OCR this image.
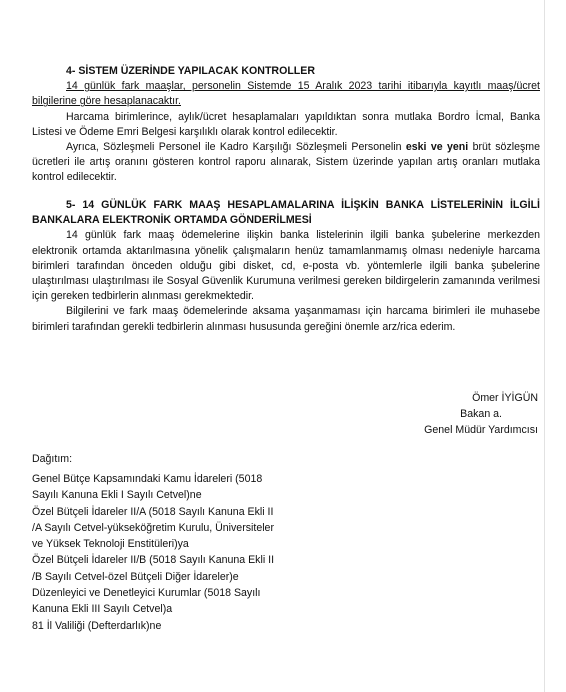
4- SİSTEM ÜZERİNDE YAPILACAK KONTROLLER

14 günlük fark maaşlar, personelin Sistemde 15 Aralık 2023 tarihi itibarıyla kayıtlı maaş/ücret bilgilerine göre hesaplanacaktır.

Harcama birimlerince, aylık/ücret hesaplamaları yapıldıktan sonra mutlaka Bordro İcmal, Banka Listesi ve Ödeme Emri Belgesi karşılıklı olarak kontrol edilecektir.

Ayrıca, Sözleşmeli Personel ile Kadro Karşılığı Sözleşmeli Personelin eski ve yeni brüt sözleşme ücretleri ile artış oranını gösteren kontrol raporu alınarak, Sistem üzerinde yapılan artış oranları mutlaka kontrol edilecektir.

5- 14 GÜNLÜK FARK MAAŞ HESAPLAMALARINA İLİŞKİN BANKA LİSTELERİNİN İLGİLİ BANKALARA ELEKTRONİK ORTAMDA GÖNDERİLMESİ

14 günlük fark maaş ödemelerine ilişkin banka listelerinin ilgili banka şubelerine merkezden elektronik ortamda aktarılmasına yönelik çalışmaların henüz tamamlanmamış olması nedeniyle harcama birimleri tarafından önceden olduğu gibi disket, cd, e-posta vb. yöntemlerle ilgili banka şubelerine ulaştırılması ulaştırılması ile Sosyal Güvenlik Kurumuna verilmesi gereken bildirgelerin zamanında verilmesi için gereken tedbirlerin alınması gerekmektedir.

Bilgilerini ve fark maaş ödemelerinde aksama yaşanmaması için harcama birimleri ile muhasebe birimleri tarafından gerekli tedbirlerin alınması hususunda gereğini önemle arz/rica ederim.

Ömer İYİGÜN
Bakan a.
Genel Müdür Yardımcısı
Dağıtım:
Genel Bütçe Kapsamındaki Kamu İdareleri (5018
Sayılı Kanuna Ekli I Sayılı Cetvel)ne
Özel Bütçeli İdareler II/A (5018 Sayılı Kanuna Ekli II
/A Sayılı Cetvel-yükseköğretim Kurulu, Üniversiteler
ve Yüksek Teknoloji Enstitüleri)ya
Özel Bütçeli İdareler II/B (5018 Sayılı Kanuna Ekli II
/B Sayılı Cetvel-özel Bütçeli Diğer İdareler)e
Düzenleyici ve Denetleyici Kurumlar (5018 Sayılı
Kanuna Ekli III Sayılı Cetvel)a
81 İl Valiliği (Defterdarlık)ne
